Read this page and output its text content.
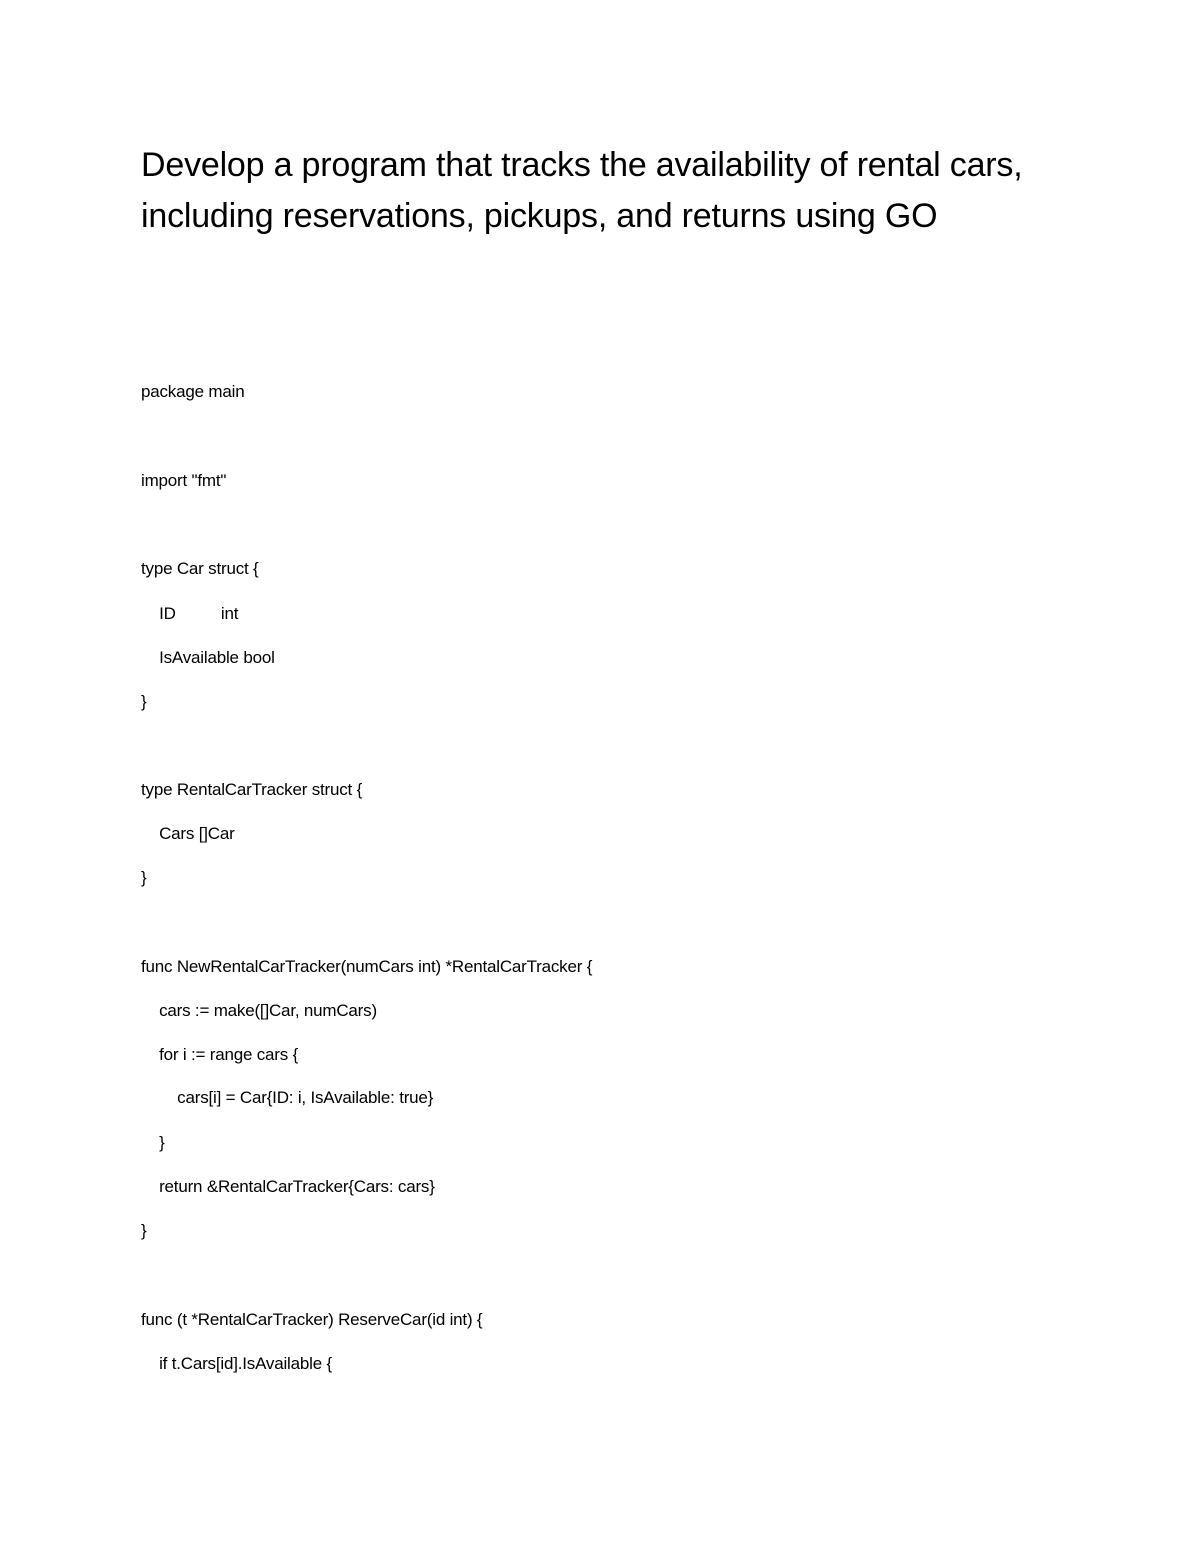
Develop a program that tracks the availability of rental cars, including reservations, pickups, and returns using GO
package main
import "fmt"
type Car struct {
ID          int
IsAvailable bool
}
type RentalCarTracker struct {
Cars []Car
}
func NewRentalCarTracker(numCars int) *RentalCarTracker {
cars := make([]Car, numCars)
for i := range cars {
cars[i] = Car{ID: i, IsAvailable: true}
}
return &RentalCarTracker{Cars: cars}
}
func (t *RentalCarTracker) ReserveCar(id int) {
if t.Cars[id].IsAvailable {
